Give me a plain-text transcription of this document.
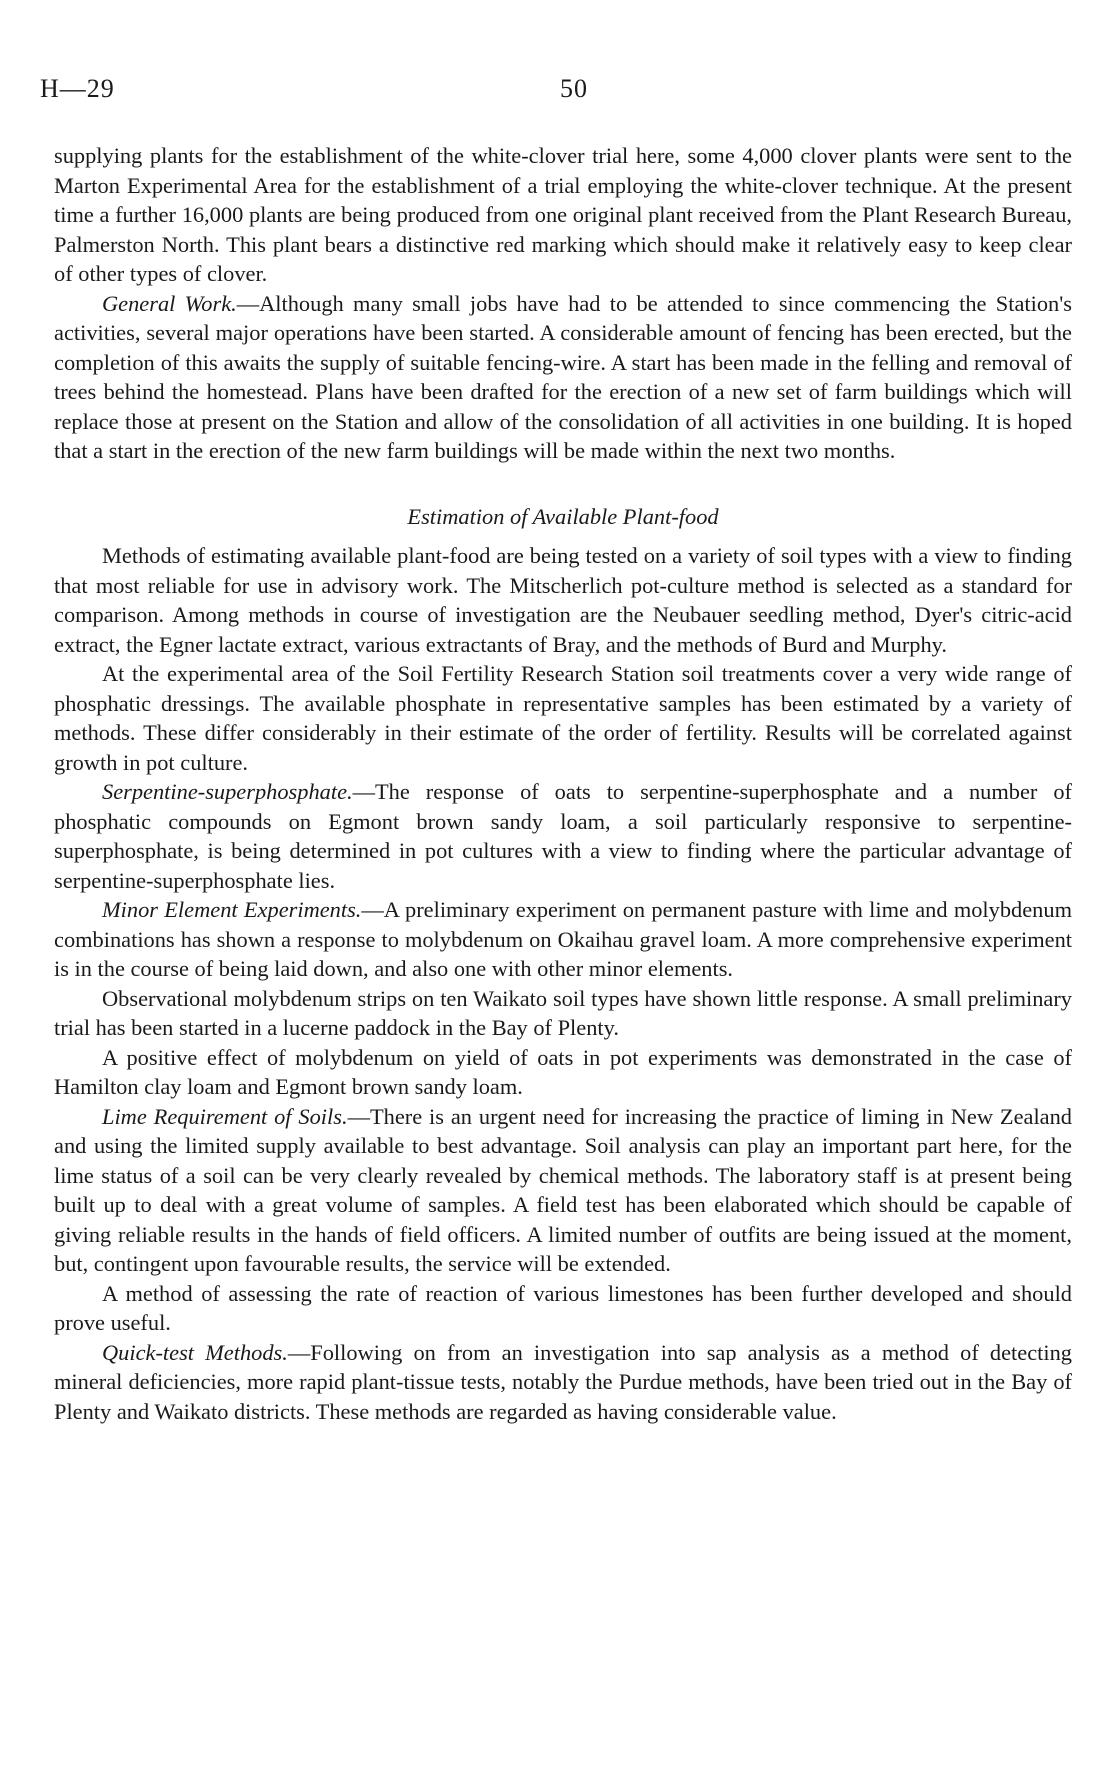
H—29	50

supplying plants for the establishment of the white-clover trial here, some 4,000 clover plants were sent to the Marton Experimental Area for the establishment of a trial employing the white-clover technique. At the present time a further 16,000 plants are being produced from one original plant received from the Plant Research Bureau, Palmerston North. This plant bears a distinctive red marking which should make it relatively easy to keep clear of other types of clover.

General Work.—Although many small jobs have had to be attended to since commencing the Station's activities, several major operations have been started. A considerable amount of fencing has been erected, but the completion of this awaits the supply of suitable fencing-wire. A start has been made in the felling and removal of trees behind the homestead. Plans have been drafted for the erection of a new set of farm buildings which will replace those at present on the Station and allow of the consolidation of all activities in one building. It is hoped that a start in the erection of the new farm buildings will be made within the next two months.

Estimation of Available Plant-food

Methods of estimating available plant-food are being tested on a variety of soil types with a view to finding that most reliable for use in advisory work. The Mitscherlich pot-culture method is selected as a standard for comparison. Among methods in course of investigation are the Neubauer seedling method, Dyer's citric-acid extract, the Egner lactate extract, various extractants of Bray, and the methods of Burd and Murphy.

At the experimental area of the Soil Fertility Research Station soil treatments cover a very wide range of phosphatic dressings. The available phosphate in representative samples has been estimated by a variety of methods. These differ considerably in their estimate of the order of fertility. Results will be correlated against growth in pot culture.

Serpentine-superphosphate.—The response of oats to serpentine-superphosphate and a number of phosphatic compounds on Egmont brown sandy loam, a soil particularly responsive to serpentine-superphosphate, is being determined in pot cultures with a view to finding where the particular advantage of serpentine-superphosphate lies.

Minor Element Experiments.—A preliminary experiment on permanent pasture with lime and molybdenum combinations has shown a response to molybdenum on Okaihau gravel loam. A more comprehensive experiment is in the course of being laid down, and also one with other minor elements.

Observational molybdenum strips on ten Waikato soil types have shown little response. A small preliminary trial has been started in a lucerne paddock in the Bay of Plenty.

A positive effect of molybdenum on yield of oats in pot experiments was demonstrated in the case of Hamilton clay loam and Egmont brown sandy loam.

Lime Requirement of Soils.—There is an urgent need for increasing the practice of liming in New Zealand and using the limited supply available to best advantage. Soil analysis can play an important part here, for the lime status of a soil can be very clearly revealed by chemical methods. The laboratory staff is at present being built up to deal with a great volume of samples. A field test has been elaborated which should be capable of giving reliable results in the hands of field officers. A limited number of outfits are being issued at the moment, but, contingent upon favourable results, the service will be extended.

A method of assessing the rate of reaction of various limestones has been further developed and should prove useful.

Quick-test Methods.—Following on from an investigation into sap analysis as a method of detecting mineral deficiencies, more rapid plant-tissue tests, notably the Purdue methods, have been tried out in the Bay of Plenty and Waikato districts. These methods are regarded as having considerable value.
